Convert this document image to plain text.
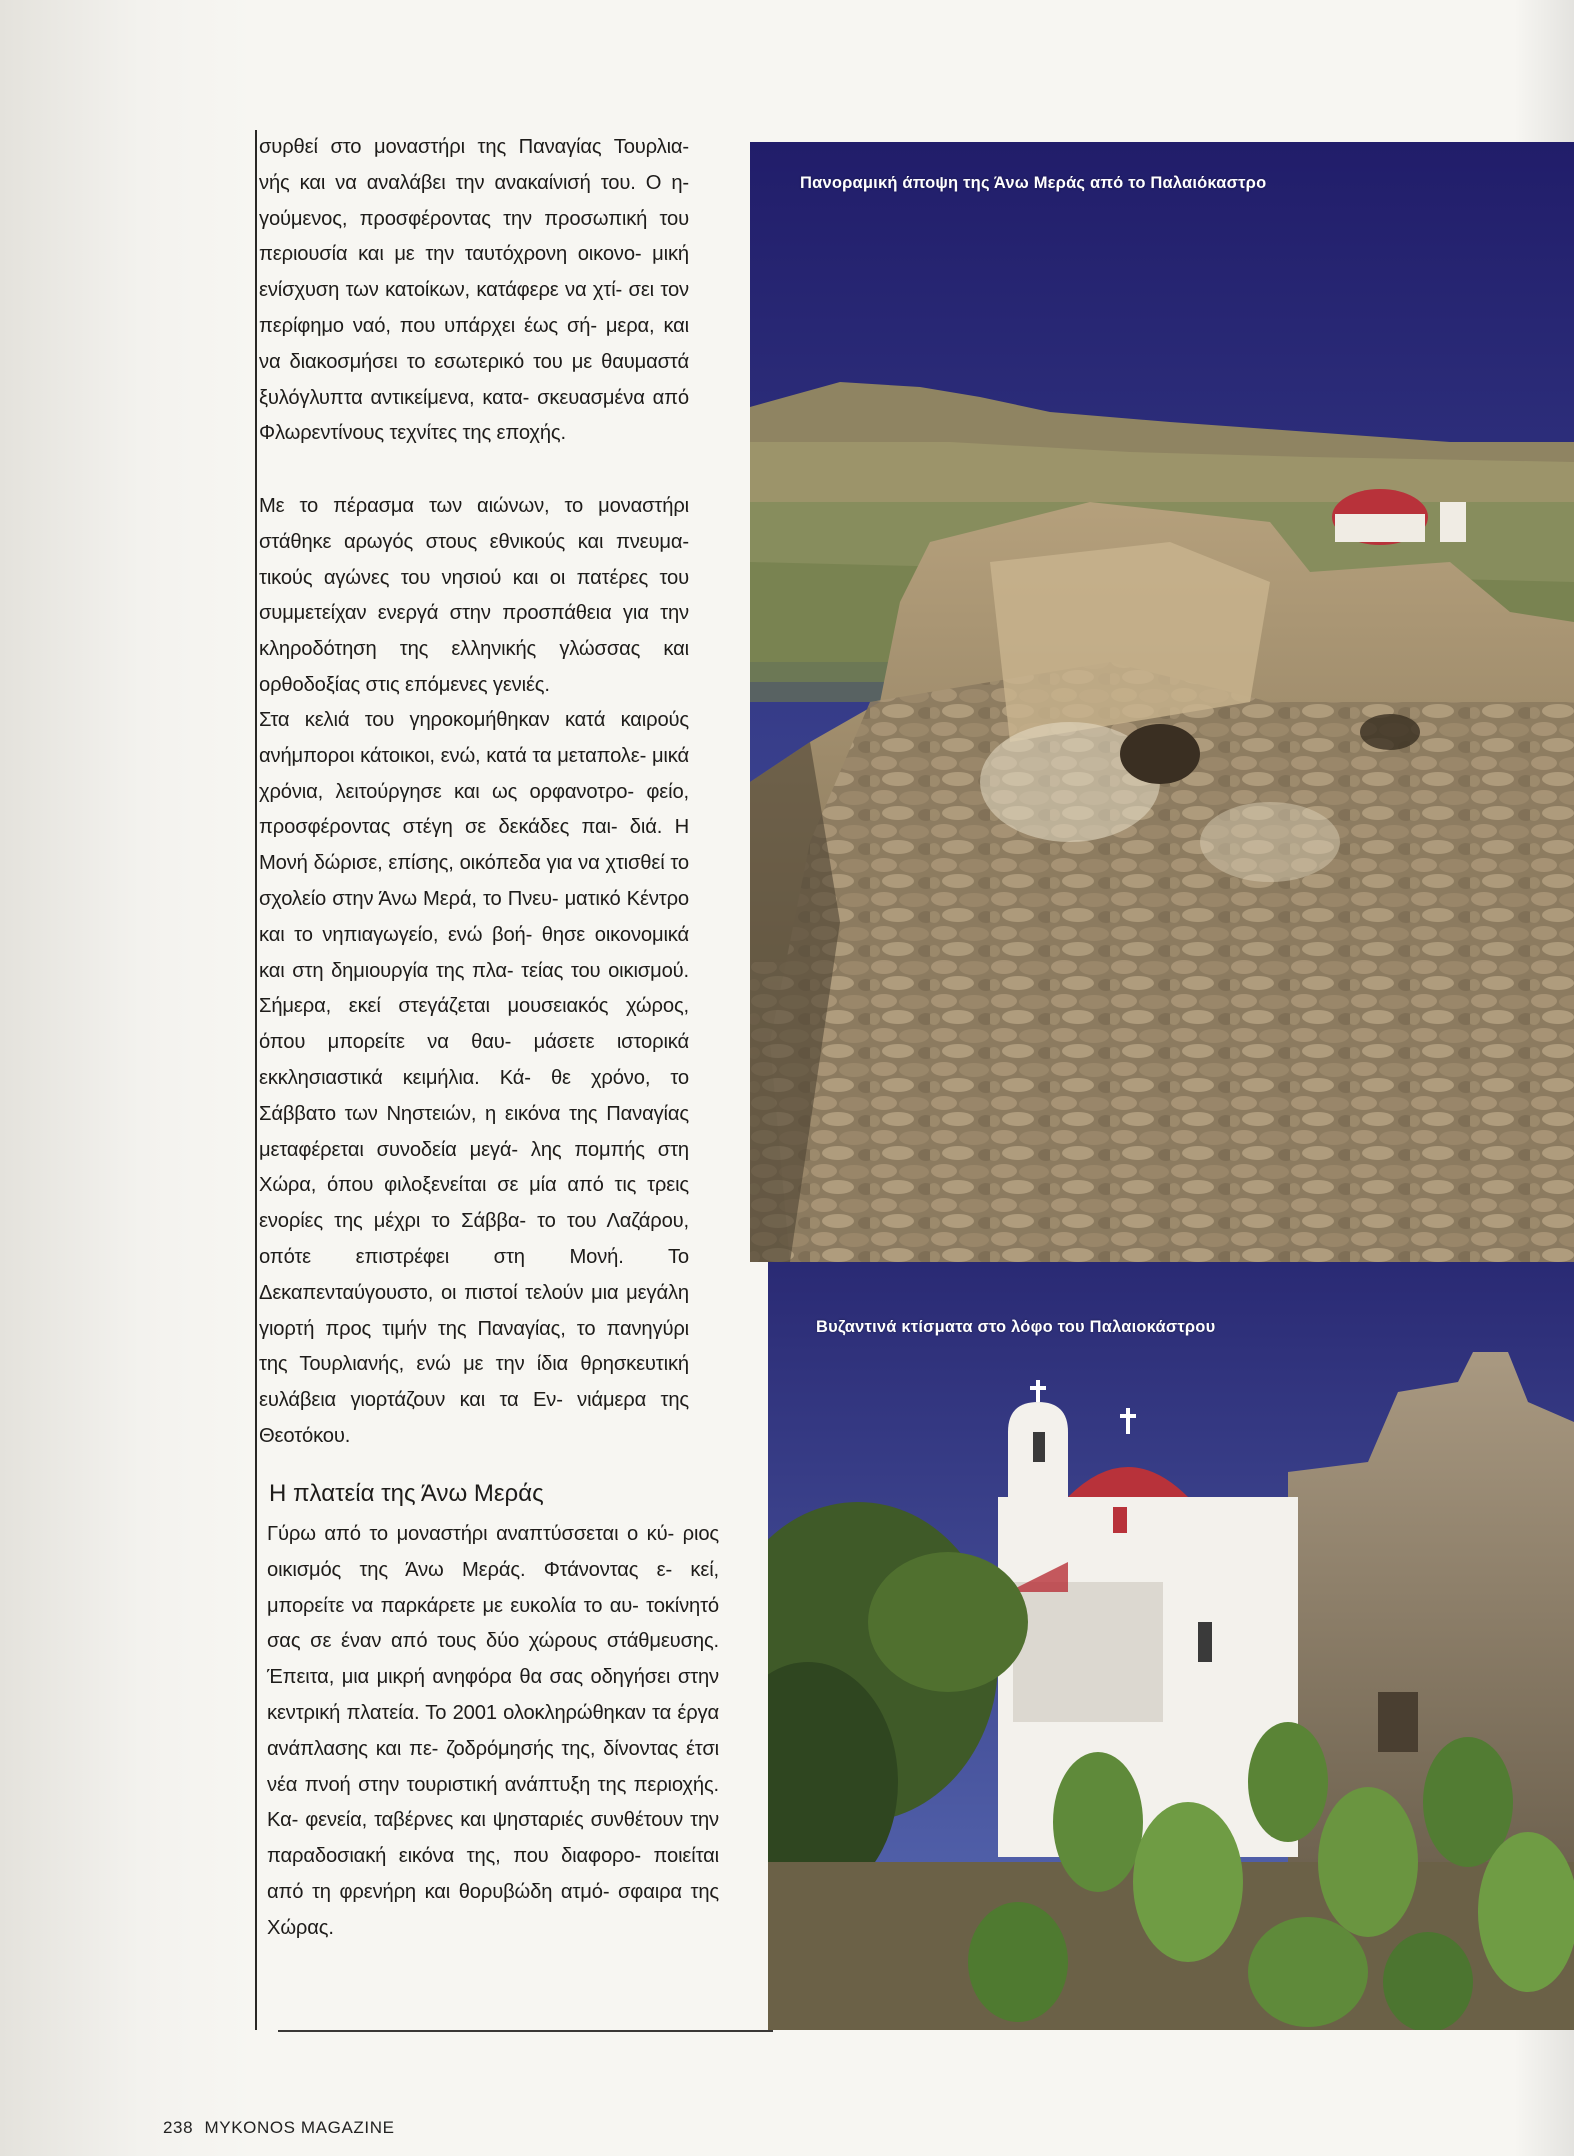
συρθεί στο μοναστήρι της Παναγίας Τουρλια- νής και να αναλάβει την ανακαίνισή του. Ο η- γούμενος, προσφέροντας την προσωπική του περιουσία και με την ταυτόχρονη οικονο- μική ενίσχυση των κατοίκων, κατάφερε να χτί- σει τον περίφημο ναό, που υπάρχει έως σή- μερα, και να διακοσμήσει το εσωτερικό του με θαυμαστά ξυλόγλυπτα αντικείμενα, κατα- σκευασμένα από Φλωρεντίνους τεχνίτες της εποχής.

Με το πέρασμα των αιώνων, το μοναστήρι στάθηκε αρωγός στους εθνικούς και πνευμα- τικούς αγώνες του νησιού και οι πατέρες του συμμετείχαν ενεργά στην προσπάθεια για την κληροδότηση της ελληνικής γλώσσας και ορθοδοξίας στις επόμενες γενιές.

Στα κελιά του γηροκομήθηκαν κατά καιρούς ανήμποροι κάτοικοι, ενώ, κατά τα μεταπολε- μικά χρόνια, λειτούργησε και ως ορφανοτρο- φείο, προσφέροντας στέγη σε δεκάδες παι- διά. Η Μονή δώρισε, επίσης, οικόπεδα για να χτισθεί το σχολείο στην Άνω Μερά, το Πνευ- ματικό Κέντρο και το νηπιαγωγείο, ενώ βοή- θησε οικονομικά και στη δημιουργία της πλα- τείας του οικισμού. Σήμερα, εκεί στεγάζεται μουσειακός χώρος, όπου μπορείτε να θαυ- μάσετε ιστορικά εκκλησιαστικά κειμήλια. Κά- θε χρόνο, το Σάββατο των Νηστειών, η εικόνα της Παναγίας μεταφέρεται συνοδεία μεγά- λης πομπής στη Χώρα, όπου φιλοξενείται σε μία από τις τρεις ενορίες της μέχρι το Σάββα- το του Λαζάρου, οπότε επιστρέφει στη Μονή. Το Δεκαπενταύγουστο, οι πιστοί τελούν μια μεγάλη γιορτή προς τιμήν της Παναγίας, το πανηγύρι της Τουρλιανής, ενώ με την ίδια θρησκευτική ευλάβεια γιορτάζουν και τα Εν- νιάμερα της Θεοτόκου.

Η πλατεία της Άνω Μεράς

Γύρω από το μοναστήρι αναπτύσσεται ο κύ- ριος οικισμός της Άνω Μεράς. Φτάνοντας ε- κεί, μπορείτε να παρκάρετε με ευκολία το αυ- τοκίνητό σας σε έναν από τους δύο χώρους στάθμευσης. Έπειτα, μια μικρή ανηφόρα θα σας οδηγήσει στην κεντρική πλατεία. Το 2001 ολοκληρώθηκαν τα έργα ανάπλασης και πε- ζοδρόμησής της, δίνοντας έτσι νέα πνοή στην τουριστική ανάπτυξη της περιοχής. Κα- φενεία, ταβέρνες και ψησταριές συνθέτουν την παραδοσιακή εικόνα της, που διαφορο- ποιείται από τη φρενήρη και θορυβώδη ατμό- σφαιρα της Χώρας.

Πανοραμική άποψη της Άνω Μεράς από το Παλαιόκαστρο
Βυζαντινά κτίσματα στο λόφο του Παλαιοκάστρου
238 MYKONOS MAGAZINE
